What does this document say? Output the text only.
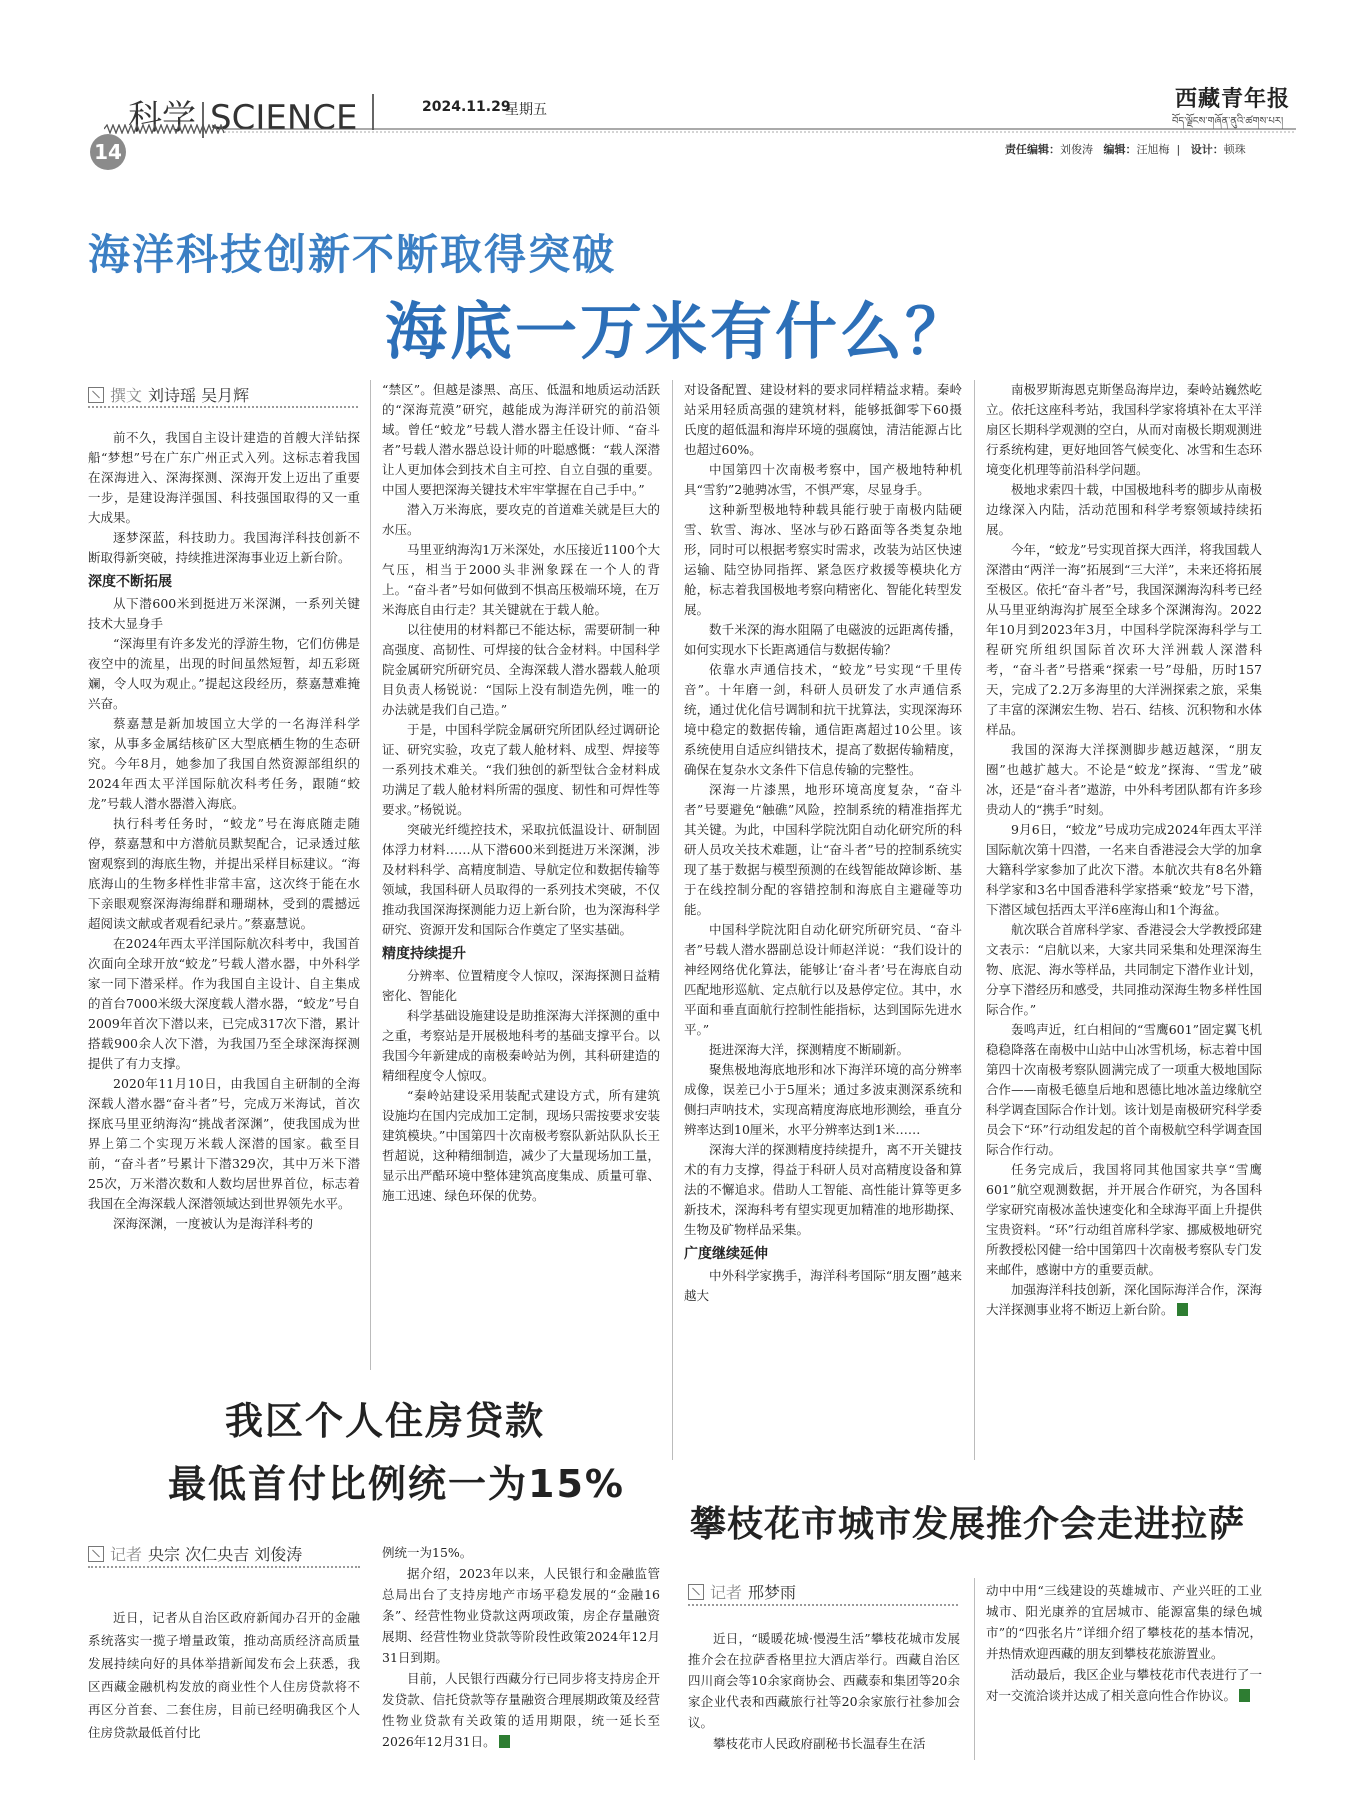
科学 SCIENCE	2024.11.29
星期五	西藏青年报
བོད་ལྗོངས་གཞོན་ནུའི་ཚགས་པར།
14	责任编辑：刘俊涛 编辑：汪旭梅  |   设计：顿珠
海洋科技创新不断取得突破
海底一万米有什么？
撰文 刘诗瑶 吴月辉

前不久，我国自主设计建造的首艘大洋钻探船“梦想”号在广东广州正式入列。这标志着我国在深海进入、深海探测、深海开发上迈出了重要一步，是建设海洋强国、科技强国取得的又一重大成果。

逐梦深蓝，科技助力。我国海洋科技创新不断取得新突破，持续推进深海事业迈上新台阶。

深度不断拓展

从下潜600米到挺进万米深渊，一系列关键技术大显身手

“深海里有许多发光的浮游生物，它们仿佛是夜空中的流星，出现的时间虽然短暂，却五彩斑斓，令人叹为观止。”提起这段经历，蔡嘉慧难掩兴奋。

蔡嘉慧是新加坡国立大学的一名海洋科学家，从事多金属结核矿区大型底栖生物的生态研究。今年8月，她参加了我国自然资源部组织的2024年西太平洋国际航次科考任务，跟随“蛟龙”号载人潜水器潜入海底。

执行科考任务时，“蛟龙”号在海底随走随停，蔡嘉慧和中方潜航员默契配合，记录透过舷窗观察到的海底生物，并提出采样目标建议。“海底海山的生物多样性非常丰富，这次终于能在水下亲眼观察深海海绵群和珊瑚林，受到的震撼远超阅读文献或者观看纪录片。”蔡嘉慧说。

在2024年西太平洋国际航次科考中，我国首次面向全球开放“蛟龙”号载人潜水器，中外科学家一同下潜采样。作为我国自主设计、自主集成的首台7000米级大深度载人潜水器，“蛟龙”号自2009年首次下潜以来，已完成317次下潜，累计搭载900余人次下潜，为我国乃至全球深海探测提供了有力支撑。

2020年11月10日，由我国自主研制的全海深载人潜水器“奋斗者”号，完成万米海试，首次探底马里亚纳海沟“挑战者深渊”，使我国成为世界上第二个实现万米载人深潜的国家。截至目前，“奋斗者”号累计下潜329次，其中万米下潜25次，万米潜次数和人数均居世界首位，标志着我国在全海深载人深潜领域达到世界领先水平。

深海深渊，一度被认为是海洋科考的

“禁区”。但越是漆黑、高压、低温和地质运动活跃的“深海荒漠”研究，越能成为海洋研究的前沿领域。曾任“蛟龙”号载人潜水器主任设计师、“奋斗者”号载人潜水器总设计师的叶聪感慨：“载人深潜让人更加体会到技术自主可控、自立自强的重要。中国人要把深海关键技术牢牢掌握在自己手中。”

潜入万米海底，要攻克的首道难关就是巨大的水压。

马里亚纳海沟1万米深处，水压接近1100个大气压，相当于2000头非洲象踩在一个人的背上。“奋斗者”号如何做到不惧高压极端环境，在万米海底自由行走？其关键就在于载人舱。

以往使用的材料都已不能达标，需要研制一种高强度、高韧性、可焊接的钛合金材料。中国科学院金属研究所研究员、全海深载人潜水器载人舱项目负责人杨锐说：“国际上没有制造先例，唯一的办法就是我们自己造。”

于是，中国科学院金属研究所团队经过调研论证、研究实验，攻克了载人舱材料、成型、焊接等一系列技术难关。“我们独创的新型钛合金材料成功满足了载人舱材料所需的强度、韧性和可焊性等要求。”杨锐说。

突破光纤缆控技术，采取抗低温设计、研制固体浮力材料……从下潜600米到挺进万米深渊，涉及材料科学、高精度制造、导航定位和数据传输等领域，我国科研人员取得的一系列技术突破，不仅推动我国深海探测能力迈上新台阶，也为深海科学研究、资源开发和国际合作奠定了坚实基础。

精度持续提升

分辨率、位置精度令人惊叹，深海探测日益精密化、智能化

科学基础设施建设是助推深海大洋探测的重中之重，考察站是开展极地科考的基础支撑平台。以我国今年新建成的南极秦岭站为例，其科研建造的精细程度令人惊叹。

“秦岭站建设采用装配式建设方式，所有建筑设施均在国内完成加工定制，现场只需按要求安装建筑模块。”中国第四十次南极考察队新站队队长王哲超说，这种精细制造，减少了大量现场加工量，显示出严酷环境中整体建筑高度集成、质量可靠、施工迅速、绿色环保的优势。

对设备配置、建设材料的要求同样精益求精。秦岭站采用轻质高强的建筑材料，能够抵御零下60摄氏度的超低温和海岸环境的强腐蚀，清洁能源占比也超过60%。

中国第四十次南极考察中，国产极地特种机具“雪豹”2驰骋冰雪，不惧严寒，尽显身手。

这种新型极地特种载具能行驶于南极内陆硬雪、软雪、海冰、坚冰与砂石路面等各类复杂地形，同时可以根据考察实时需求，改装为站区快速运输、陆空协同指挥、紧急医疗救援等模块化方舱，标志着我国极地考察向精密化、智能化转型发展。

数千米深的海水阻隔了电磁波的远距离传播，如何实现水下长距离通信与数据传输？

依靠水声通信技术，“蛟龙”号实现“千里传音”。十年磨一剑，科研人员研发了水声通信系统，通过优化信号调制和抗干扰算法，实现深海环境中稳定的数据传输，通信距离超过10公里。该系统使用自适应纠错技术，提高了数据传输精度，确保在复杂水文条件下信息传输的完整性。

深海一片漆黑，地形环境高度复杂，“奋斗者”号要避免“触礁”风险，控制系统的精准指挥尤其关键。为此，中国科学院沈阳自动化研究所的科研人员攻关技术难题，让“奋斗者”号的控制系统实现了基于数据与模型预测的在线智能故障诊断、基于在线控制分配的容错控制和海底自主避碰等功能。

中国科学院沈阳自动化研究所研究员、“奋斗者”号载人潜水器副总设计师赵洋说：“我们设计的神经网络优化算法，能够让‘奋斗者’号在海底自动匹配地形巡航、定点航行以及悬停定位。其中，水平面和垂直面航行控制性能指标，达到国际先进水平。”

挺进深海大洋，探测精度不断刷新。

聚焦极地海底地形和冰下海洋环境的高分辨率成像，误差已小于5厘米；通过多波束测深系统和侧扫声呐技术，实现高精度海底地形测绘，垂直分辨率达到10厘米，水平分辨率达到1米……

深海大洋的探测精度持续提升，离不开关键技术的有力支撑，得益于科研人员对高精度设备和算法的不懈追求。借助人工智能、高性能计算等更多新技术，深海科考有望实现更加精准的地形勘探、生物及矿物样品采集。

广度继续延伸

中外科学家携手，海洋科考国际“朋友圈”越来越大

南极罗斯海恩克斯堡岛海岸边，秦岭站巍然屹立。依托这座科考站，我国科学家将填补在太平洋扇区长期科学观测的空白，从而对南极长期观测进行系统构建，更好地回答气候变化、冰雪和生态环境变化机理等前沿科学问题。

极地求索四十载，中国极地科考的脚步从南极边缘深入内陆，活动范围和科学考察领域持续拓展。

今年，“蛟龙”号实现首探大西洋，将我国载人深潜由“两洋一海”拓展到“三大洋”，未来还将拓展至极区。依托“奋斗者”号，我国深渊海沟科考已经从马里亚纳海沟扩展至全球多个深渊海沟。2022年10月到2023年3月，中国科学院深海科学与工程研究所组织国际首次环大洋洲载人深潜科考，“奋斗者”号搭乘“探索一号”母船，历时157天，完成了2.2万多海里的大洋洲探索之旅，采集了丰富的深渊宏生物、岩石、结核、沉积物和水体样品。

我国的深海大洋探测脚步越迈越深，“朋友圈”也越扩越大。不论是“蛟龙”探海、“雪龙”破冰，还是“奋斗者”遨游，中外科考团队都有许多珍贵动人的“携手”时刻。

9月6日，“蛟龙”号成功完成2024年西太平洋国际航次第十四潜，一名来自香港浸会大学的加拿大籍科学家参加了此次下潜。本航次共有8名外籍科学家和3名中国香港科学家搭乘“蛟龙”号下潜，下潜区域包括西太平洋6座海山和1个海盆。

航次联合首席科学家、香港浸会大学教授邱建文表示：“启航以来，大家共同采集和处理深海生物、底泥、海水等样品，共同制定下潜作业计划，分享下潜经历和感受，共同推动深海生物多样性国际合作。”

轰鸣声近，红白相间的“雪鹰601”固定翼飞机稳稳降落在南极中山站中山冰雪机场，标志着中国第四十次南极考察队圆满完成了一项重大极地国际合作——南极毛德皇后地和恩德比地冰盖边缘航空科学调查国际合作计划。该计划是南极研究科学委员会下“环”行动组发起的首个南极航空科学调查国际合作行动。

任务完成后，我国将同其他国家共享“雪鹰601”航空观测数据，并开展合作研究，为各国科学家研究南极冰盖快速变化和全球海平面上升提供宝贵资料。“环”行动组首席科学家、挪威极地研究所教授松冈健一给中国第四十次南极考察队专门发来邮件，感谢中方的重要贡献。

加强海洋科技创新，深化国际海洋合作，深海大洋探测事业将不断迈上新台阶。

我区个人住房贷款
最低首付比例统一为15%
记者 央宗 次仁央吉 刘俊涛

近日，记者从自治区政府新闻办召开的金融系统落实一揽子增量政策，推动高质经济高质量发展持续向好的具体举措新闻发布会上获悉，我区西藏金融机构发放的商业性个人住房贷款将不再区分首套、二套住房，目前已经明确我区个人住房贷款最低首付比

例统一为15%。

据介绍，2023年以来，人民银行和金融监管总局出台了支持房地产市场平稳发展的“金融16条”、经营性物业贷款这两项政策，房企存量融资展期、经营性物业贷款等阶段性政策2024年12月31日到期。

目前，人民银行西藏分行已同步将支持房企开发贷款、信托贷款等存量融资合理展期政策及经营性物业贷款有关政策的适用期限，统一延长至2026年12月31日。

攀枝花市城市发展推介会走进拉萨
记者 邢梦雨

近日，“暖暖花城·慢漫生活”攀枝花城市发展推介会在拉萨香格里拉大酒店举行。西藏自治区四川商会等10余家商协会、西藏泰和集团等20余家企业代表和西藏旅行社等20余家旅行社参加会议。

攀枝花市人民政府副秘书长温春生在活

动中中用“三线建设的英雄城市、产业兴旺的工业城市、阳光康养的宜居城市、能源富集的绿色城市”的“四张名片”详细介绍了攀枝花的基本情况，并热情欢迎西藏的朋友到攀枝花旅游置业。

活动最后，我区企业与攀枝花市代表进行了一对一交流洽谈并达成了相关意向性合作协议。
